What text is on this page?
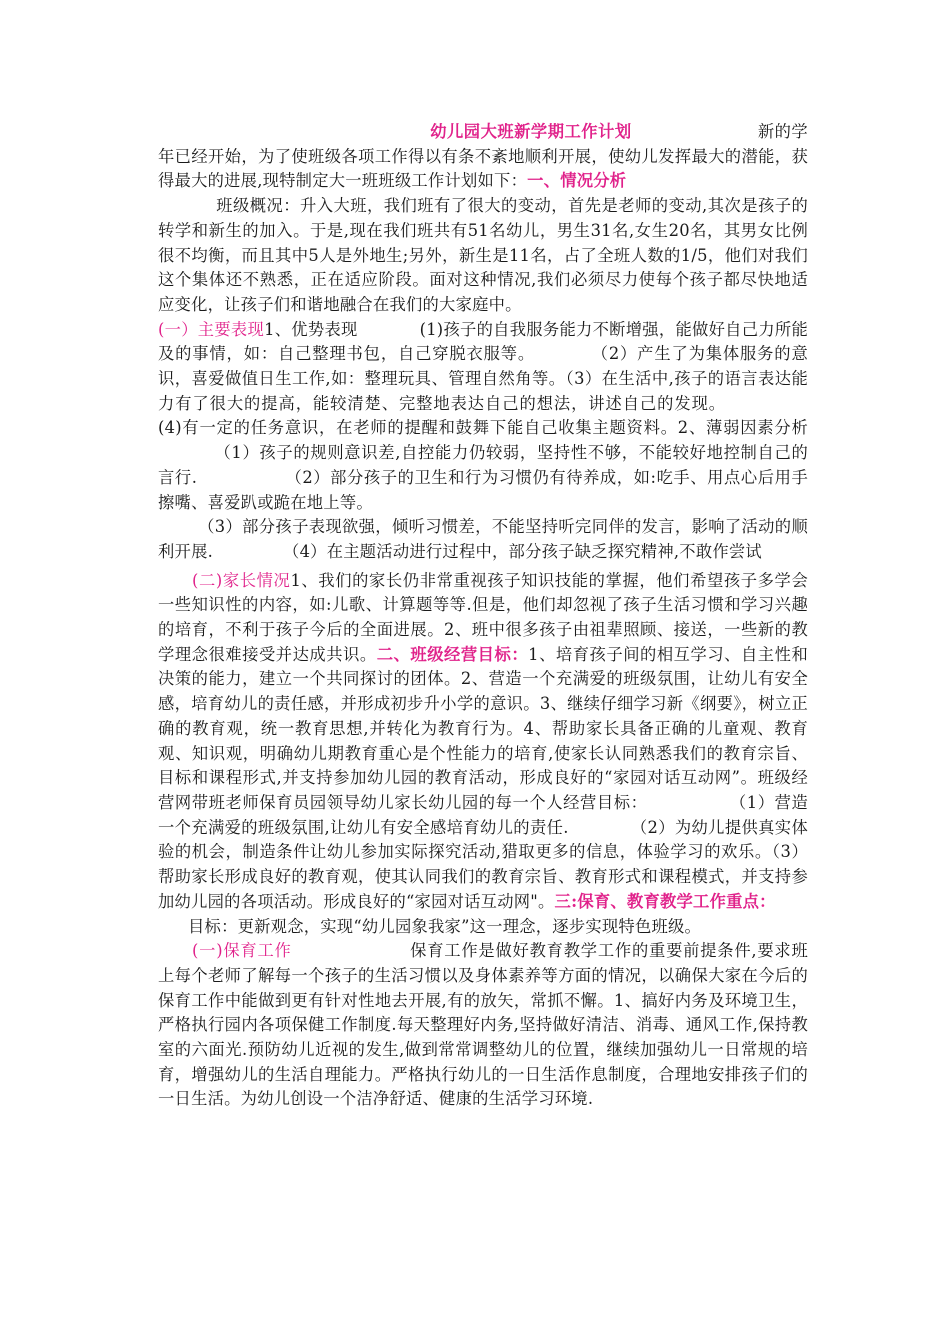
幼儿园大班新学期工作计划	新的学年已经开始，为了使班级各项工作得以有条不紊地顺利开展，使幼儿发挥最大的潜能，获得最大的进展,现特制定大一班班级工作计划如下：一、情况分析

班级概况：升入大班，我们班有了很大的变动，首先是老师的变动,其次是孩子的转学和新生的加入。于是,现在我们班共有51名幼儿，男生31名,女生20名，其男女比例很不均衡，而且其中5人是外地生;另外，新生是11名，占了全班人数的1/5，他们对我们这个集体还不熟悉，正在适应阶段。面对这种情况,我们必须尽力使每个孩子都尽快地适应变化，让孩子们和谐地融合在我们的大家庭中。

(一）主要表现1、优势表现	(1)孩子的自我服务能力不断增强，能做好自己力所能及的事情，如：自己整理书包，自己穿脱衣服等。	（2）产生了为集体服务的意识，喜爱做值日生工作,如：整理玩具、管理自然角等。（3）在生活中,孩子的语言表达能力有了很大的提高，能较清楚、完整地表达自己的想法，讲述自己的发现。(4)有一定的任务意识，在老师的提醒和鼓舞下能自己收集主题资料。2、薄弱因素分析（1）孩子的规则意识差,自控能力仍较弱，坚持性不够，不能较好地控制自己的言行.	（2）部分孩子的卫生和行为习惯仍有待养成，如:吃手、用点心后用手擦嘴、喜爱趴或跪在地上等。

（3）部分孩子表现欲强，倾听习惯差，不能坚持听完同伴的发言，影响了活动的顺利开展.	（4）在主题活动进行过程中，部分孩子缺乏探究精神,不敢作尝试

(二)家长情况1、我们的家长仍非常重视孩子知识技能的掌握，他们希望孩子多学会一些知识性的内容，如:儿歌、计算题等等.但是，他们却忽视了孩子生活习惯和学习兴趣的培育，不利于孩子今后的全面进展。2、班中很多孩子由祖辈照顾、接送，一些新的教学理念很难接受并达成共识。二、班级经营目标：1、培育孩子间的相互学习、自主性和决策的能力，建立一个共同探讨的团体。2、营造一个充满爱的班级氛围，让幼儿有安全感，培育幼儿的责任感，并形成初步升小学的意识。3、继续仔细学习新《纲要》，树立正确的教育观，统一教育思想,并转化为教育行为。4、帮助家长具备正确的儿童观、教育观、知识观，明确幼儿期教育重心是个性能力的培育,使家长认同熟悉我们的教育宗旨、目标和课程形式,并支持参加幼儿园的教育活动，形成良好的“家园对话互动网”。班级经营网带班老师保育员园领导幼儿家长幼儿园的每一个人经营目标：	（1）营造一个充满爱的班级氛围,让幼儿有安全感培育幼儿的责任.	（2）为幼儿提供真实体验的机会，制造条件让幼儿参加实际探究活动,猎取更多的信息，体验学习的欢乐。（3）帮助家长形成良好的教育观，使其认同我们的教育宗旨、教育形式和课程模式，并支持参加幼儿园的各项活动。形成良好的“家园对话互动网"。三:保育、教育教学工作重点：

目标：更新观念，实现“幼儿园象我家”这一理念，逐步实现特色班级。

(一)保育工作	保育工作是做好教育教学工作的重要前提条件,要求班上每个老师了解每一个孩子的生活习惯以及身体素养等方面的情况，以确保大家在今后的保育工作中能做到更有针对性地去开展,有的放矢，常抓不懈。1、搞好内务及环境卫生，严格执行园内各项保健工作制度.每天整理好内务,坚持做好清洁、消毒、通风工作,保持教室的六面光.预防幼儿近视的发生,做到常常调整幼儿的位置，继续加强幼儿一日常规的培育，增强幼儿的生活自理能力。严格执行幼儿的一日生活作息制度，合理地安排孩子们的一日生活。为幼儿创设一个洁净舒适、健康的生活学习环境.
